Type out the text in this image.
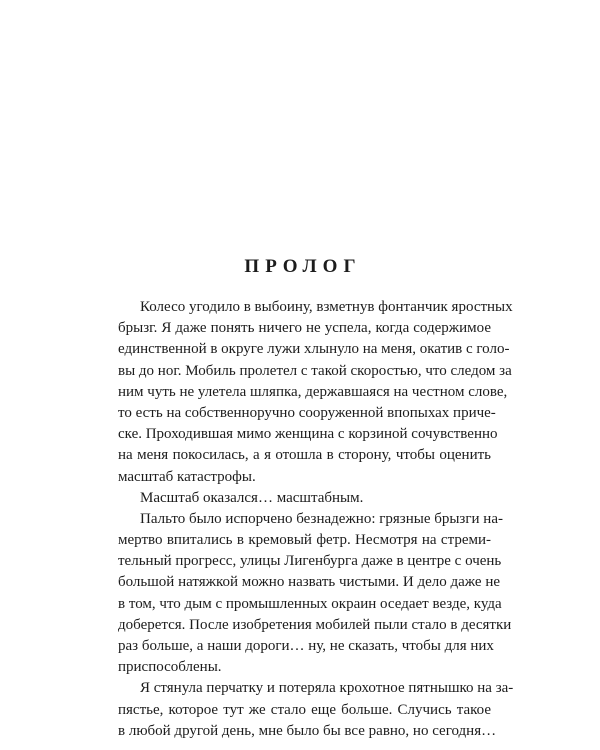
ПРОЛОГ
Колесо угодило в выбоину, взметнув фонтанчик яростных
брызг. Я даже понять ничего не успела, когда содержимое
единственной в округе лужи хлынуло на меня, окатив с голо-
вы до ног. Мобиль пролетел с такой скоростью, что следом за
ним чуть не улетела шляпка, державшаяся на честном слове,
то есть на собственноручно сооруженной впопыхах приче-
ске. Проходившая мимо женщина с корзиной сочувственно
на меня покосилась, а я отошла в сторону, чтобы оценить
масштаб катастрофы.
Масштаб оказался… масштабным.
Пальто было испорчено безнадежно: грязные брызги на-
мертво впитались в кремовый фетр. Несмотря на стреми-
тельный прогресс, улицы Лигенбурга даже в центре с очень
большой натяжкой можно назвать чистыми. И дело даже не
в том, что дым с промышленных окраин оседает везде, куда
доберется. После изобретения мобилей пыли стало в десятки
раз больше, а наши дороги… ну, не сказать, чтобы для них
приспособлены.
Я стянула перчатку и потеряла крохотное пятнышко на за-
пястье, которое тут же стало еще больше. Случись такое
в любой другой день, мне было бы все равно, но сегодня…
